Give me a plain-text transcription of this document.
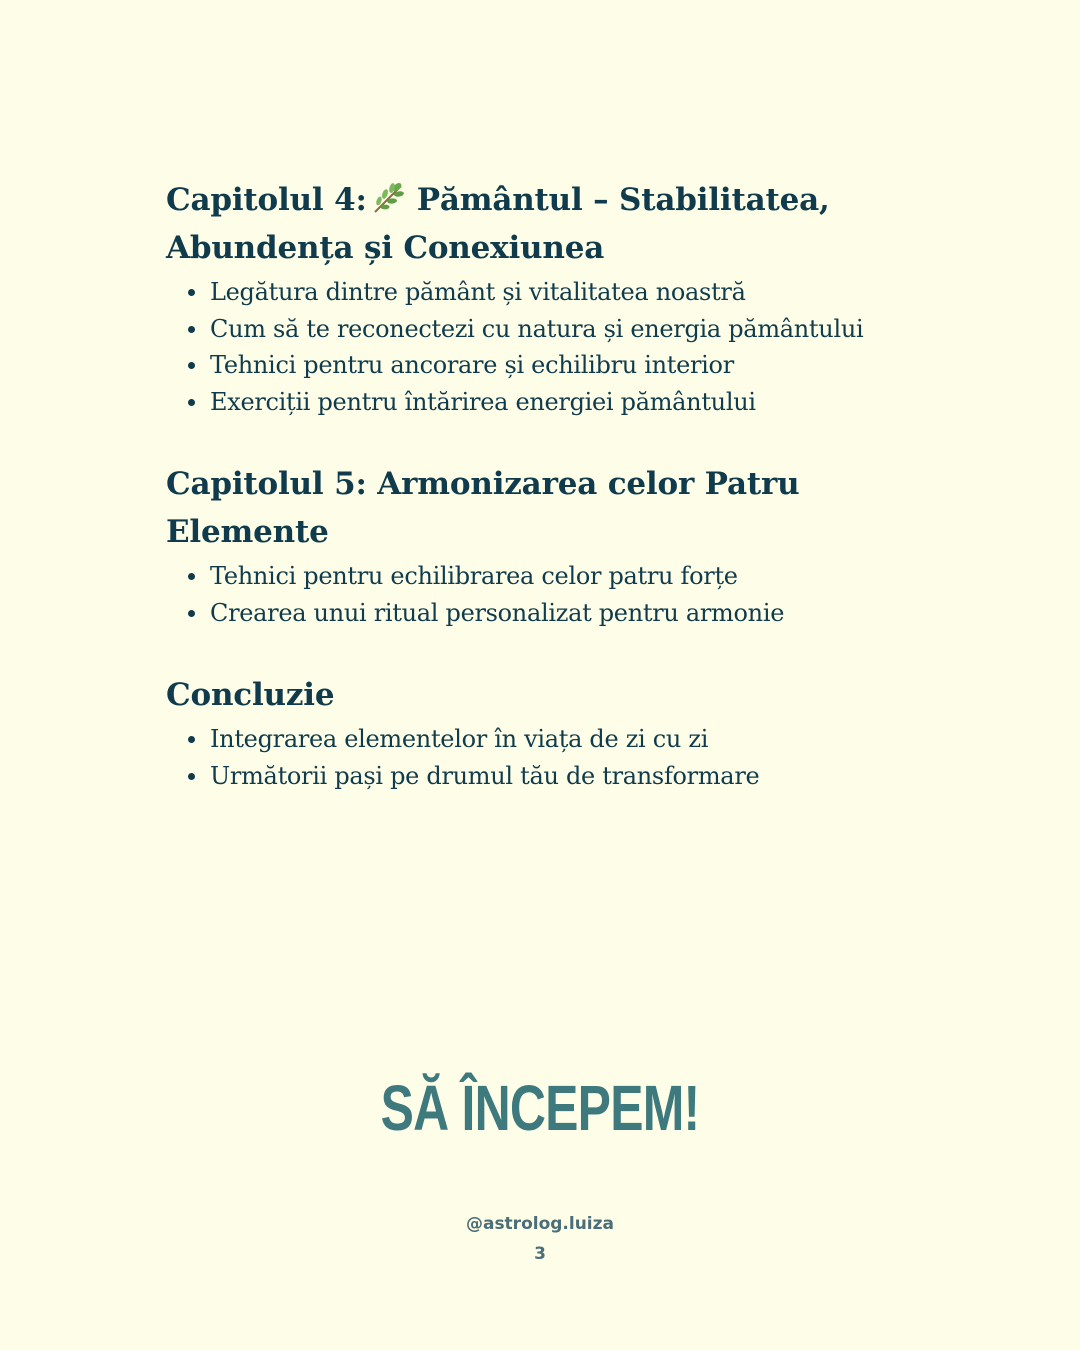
Capitolul 4: Pământul – Stabilitatea, Abundența și Conexiunea
Legătura dintre pământ și vitalitatea noastră
Cum să te reconectezi cu natura și energia pământului
Tehnici pentru ancorare și echilibru interior
Exerciții pentru întărirea energiei pământului
Capitolul 5: Armonizarea celor Patru Elemente
Tehnici pentru echilibrarea celor patru forțe
Crearea unui ritual personalizat pentru armonie
Concluzie
Integrarea elementelor în viața de zi cu zi
Următorii pași pe drumul tău de transformare
SĂ ÎNCEPEM!
@astrolog.luiza
3
